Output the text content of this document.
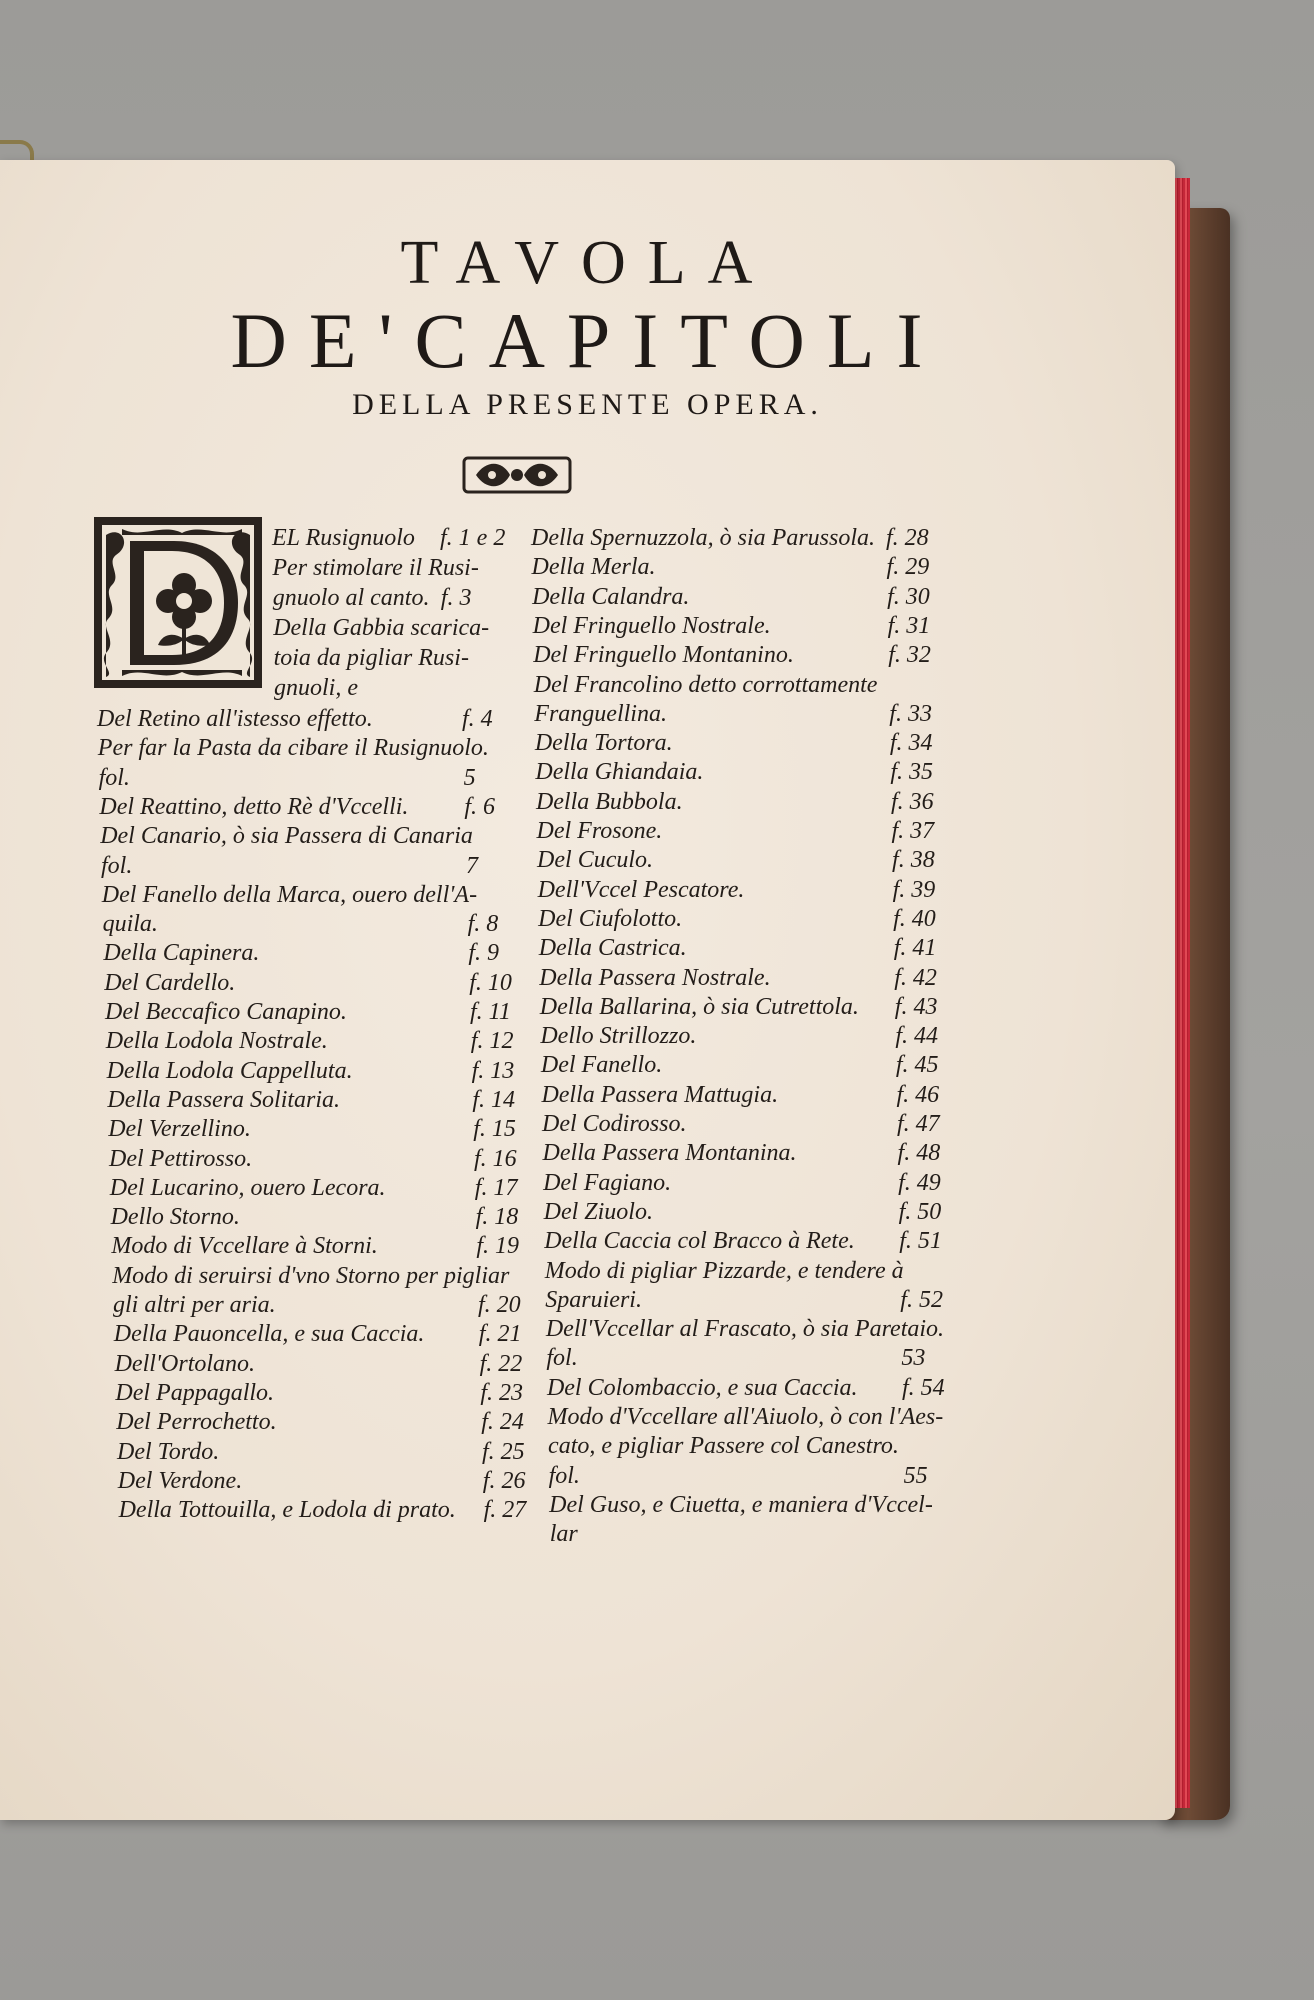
TAVOLA
DE'CAPITOLI
DELLA PRESENTE OPERA.
EL Rusignuolo f. 1 e 2
Per stimolare il Rusi-
gnuolo al canto. f. 3
Della Gabbia scarica-
toia da pigliar Rusi-
gnuoli, e
Del Retino all'istesso effetto.	f. 4
Per far la Pasta da cibare il Rusignuolo.
fol.	5
Del Reattino, detto Rè d'Vccelli. f. 6
Del Canario, ò sia Passera di Canaria
fol.	7
Del Fanello della Marca, ouero dell'A-
quila.	f. 8
Della Capinera.	f. 9
Del Cardello.	f. 10
Del Beccafico Canapino.	f. 11
Della Lodola Nostrale.	f. 12
Della Lodola Cappelluta.	f. 13
Della Passera Solitaria.	f. 14
Del Verzellino.	f. 15
Del Pettirosso.	f. 16
Del Lucarino, ouero Lecora.	f. 17
Dello Storno.	f. 18
Modo di Vccellare à Storni.	f. 19
Modo di seruirsi d'vno Storno per pigliar
gli altri per aria.	f. 20
Della Pauoncella, e sua Caccia. f. 21
Dell'Ortolano.	f. 22
Del Pappagallo.	f. 23
Del Perrochetto.	f. 24
Del Tordo.	f. 25
Del Verdone.	f. 26
Della Tottouilla, e Lodola di prato. f. 27
Della Spernuzzola, ò sia Parussola. f. 28
Della Merla.	f. 29
Della Calandra.	f. 30
Del Fringuello Nostrale.	f. 31
Del Fringuello Montanino.	f. 32
Del Francolino detto corrottamente
Franguellina.	f. 33
Della Tortora.	f. 34
Della Ghiandaia.	f. 35
Della Bubbola.	f. 36
Del Frosone.	f. 37
Del Cuculo.	f. 38
Dell'Vccel Pescatore.	f. 39
Del Ciufolotto.	f. 40
Della Castrica.	f. 41
Della Passera Nostrale.	f. 42
Della Ballarina, ò sia Cutrettola. f. 43
Dello Strillozzo.	f. 44
Del Fanello.	f. 45
Della Passera Mattugia.	f. 46
Del Codirosso.	f. 47
Della Passera Montanina.	f. 48
Del Fagiano.	f. 49
Del Ziuolo.	f. 50
Della Caccia col Bracco à Rete. f. 51
Modo di pigliar Pizzarde, e tendere à
Sparuieri.	f. 52
Dell'Vccellar al Frascato, ò sia Paretaio.
fol.	53
Del Colombaccio, e sua Caccia. f. 54
Modo d'Vccellare all'Aiuolo, ò con l'Aes-
cato, e pigliar Passere col Canestro.
fol.	55
Del Guso, e Ciuetta, e maniera d'Vccel-
lar
